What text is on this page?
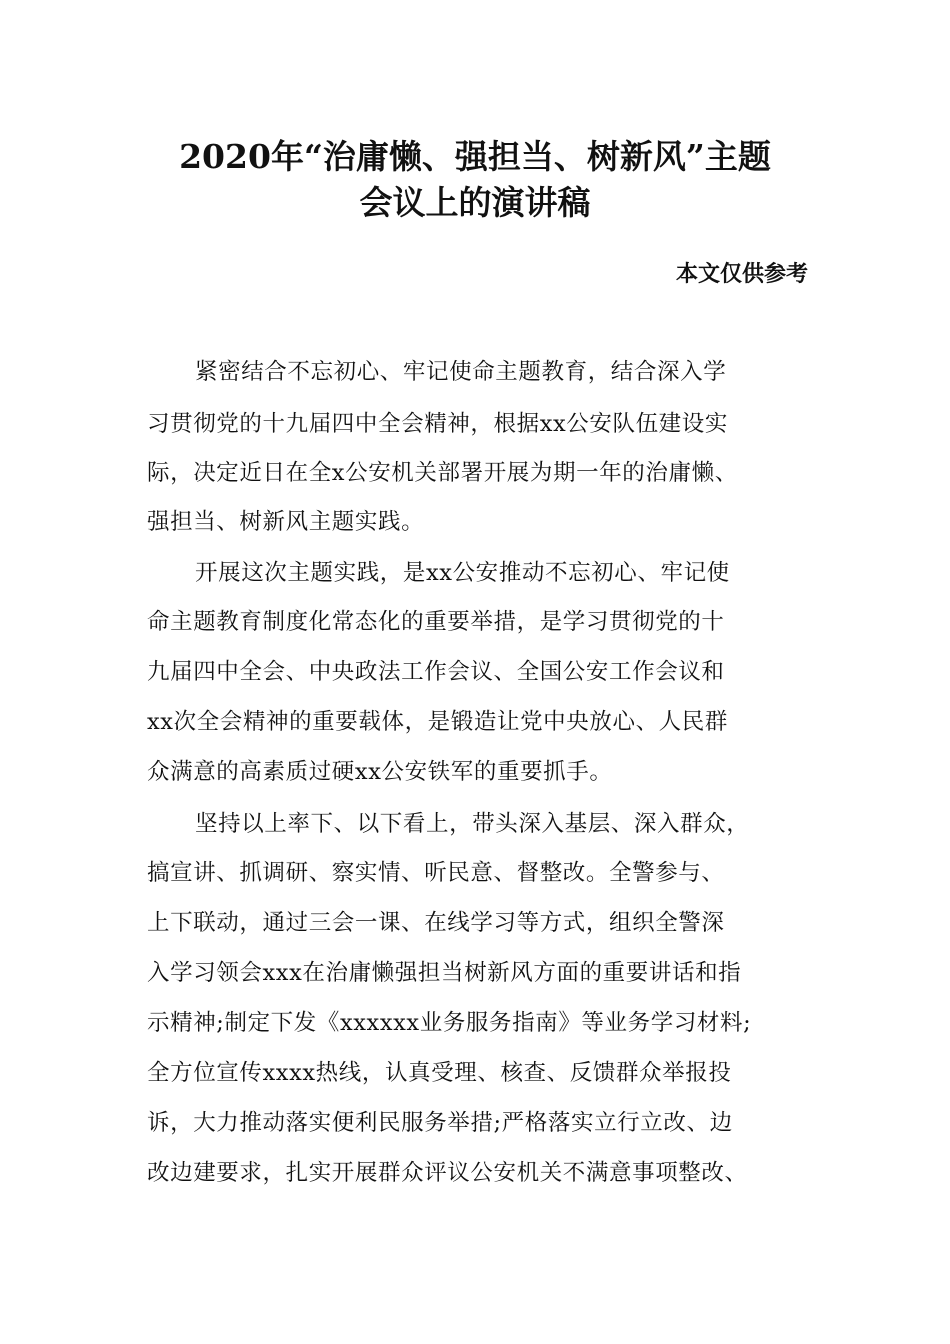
2020年“治庸懒、强担当、树新风”主题
会议上的演讲稿
本文仅供参考
紧密结合不忘初心、牢记使命主题教育，结合深入学
习贯彻党的十九届四中全会精神，根据xx公安队伍建设实
际，决定近日在全x公安机关部署开展为期一年的治庸懒、
强担当、树新风主题实践。
开展这次主题实践，是xx公安推动不忘初心、牢记使
命主题教育制度化常态化的重要举措，是学习贯彻党的十
九届四中全会、中央政法工作会议、全国公安工作会议和
xx次全会精神的重要载体，是锻造让党中央放心、人民群
众满意的高素质过硬xx公安铁军的重要抓手。
坚持以上率下、以下看上，带头深入基层、深入群众，
搞宣讲、抓调研、察实情、听民意、督整改。全警参与、
上下联动，通过三会一课、在线学习等方式，组织全警深
入学习领会xxx在治庸懒强担当树新风方面的重要讲话和指
示精神;制定下发《xxxxxx业务服务指南》等业务学习材料;
全方位宣传xxxx热线，认真受理、核查、反馈群众举报投
诉，大力推动落实便利民服务举措;严格落实立行立改、边
改边建要求，扎实开展群众评议公安机关不满意事项整改、
